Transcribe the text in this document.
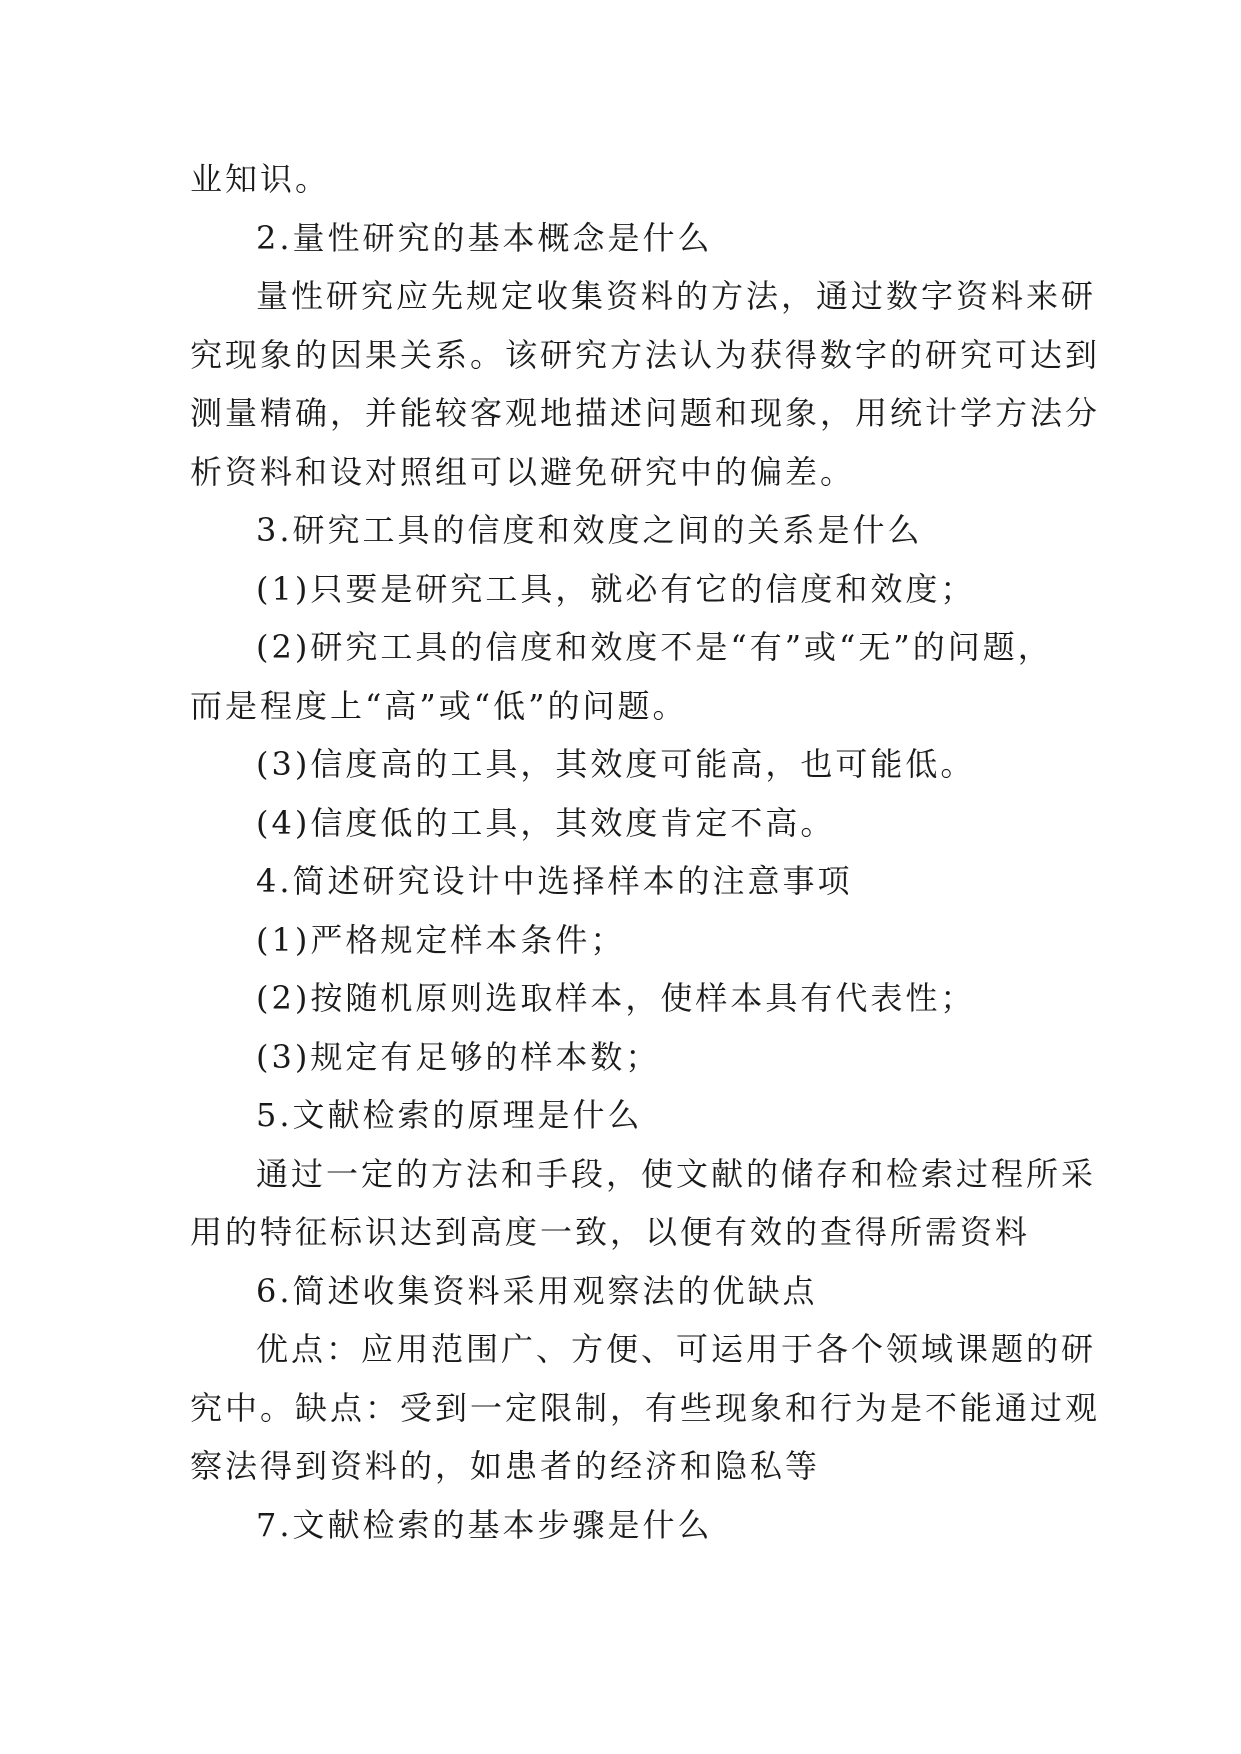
业知识。

2.量性研究的基本概念是什么

量性研究应先规定收集资料的方法，通过数字资料来研

究现象的因果关系。该研究方法认为获得数字的研究可达到

测量精确，并能较客观地描述问题和现象，用统计学方法分

析资料和设对照组可以避免研究中的偏差。

3.研究工具的信度和效度之间的关系是什么

(1)只要是研究工具，就必有它的信度和效度；

(2)研究工具的信度和效度不是“有”或“无”的问题，

而是程度上“高”或“低”的问题。

(3)信度高的工具，其效度可能高，也可能低。

(4)信度低的工具，其效度肯定不高。

4.简述研究设计中选择样本的注意事项

(1)严格规定样本条件；

(2)按随机原则选取样本，使样本具有代表性；

(3)规定有足够的样本数；

5.文献检索的原理是什么

通过一定的方法和手段，使文献的储存和检索过程所采

用的特征标识达到高度一致，以便有效的查得所需资料

6.简述收集资料采用观察法的优缺点

优点：应用范围广、方便、可运用于各个领域课题的研

究中。缺点：受到一定限制，有些现象和行为是不能通过观

察法得到资料的，如患者的经济和隐私等

7.文献检索的基本步骤是什么
